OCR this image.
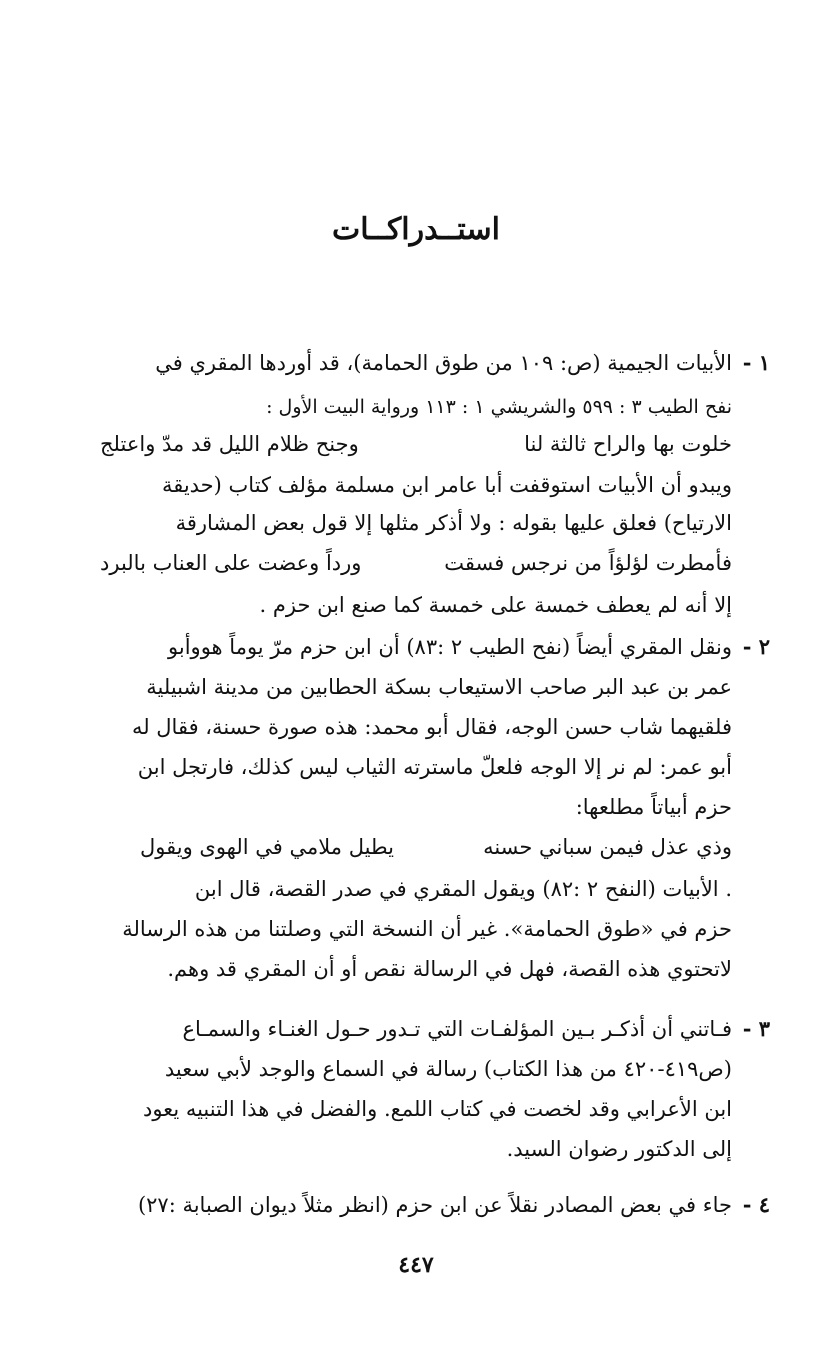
استــدراكــات
١ -
الأبيات الجيمية (ص: ١٠٩ من طوق الحمامة)، قد أوردها المقري في
نفح الطيب ٣ : ٥٩٩ والشريشي ١ : ١١٣ ورواية البيت الأول :
خلوت بها والراح ثالثة لنا
وجنح ظلام الليل قد مدّ واعتلج
ويبدو أن الأبيات استوقفت أبا عامر ابن مسلمة مؤلف كتاب (حديقة
الارتياح) فعلق عليها بقوله : ولا أذكر مثلها إلا قول بعض المشارقة
فأمطرت لؤلؤاً من نرجس فسقت
ورداً وعضت على العناب بالبرد
إلا أنه لم يعطف خمسة على خمسة كما صنع ابن حزم .
٢ -
ونقل المقري أيضاً (نفح الطيب ٢ :٨٣) أن ابن حزم مرّ يوماً هووأبو
عمر بن عبد البر صاحب الاستيعاب بسكة الحطابين من مدينة اشبيلية
فلقيهما شاب حسن الوجه، فقال أبو محمد: هذه صورة حسنة، فقال له
أبو عمر: لم نر إلا الوجه فلعلّ ماسترته الثياب ليس كذلك، فارتجل ابن
حزم أبياتاً مطلعها:
وذي عذل فيمن سباني حسنه
يطيل ملامي في الهوى ويقول
. الأبيات (النفح ٢ :٨٢) ويقول المقري في صدر القصة، قال ابن
حزم في «طوق الحمامة». غير أن النسخة التي وصلتنا من هذه الرسالة
لاتحتوي هذه القصة، فهل في الرسالة نقص أو أن المقري قد وهم.
٣ -
فـاتني أن أذكـر بـين المؤلفـات التي تـدور حـول الغنـاء والسمـاع
(ص٤١٩-٤٢٠ من هذا الكتاب) رسالة في السماع والوجد لأبي سعيد
ابن الأعرابي وقد لخصت في كتاب اللمع. والفضل في هذا التنبيه يعود
إلى الدكتور رضوان السيد.
٤ -
جاء في بعض المصادر نقلاً عن ابن حزم (انظر مثلاً ديوان الصبابة :٢٧)
٤٤٧
